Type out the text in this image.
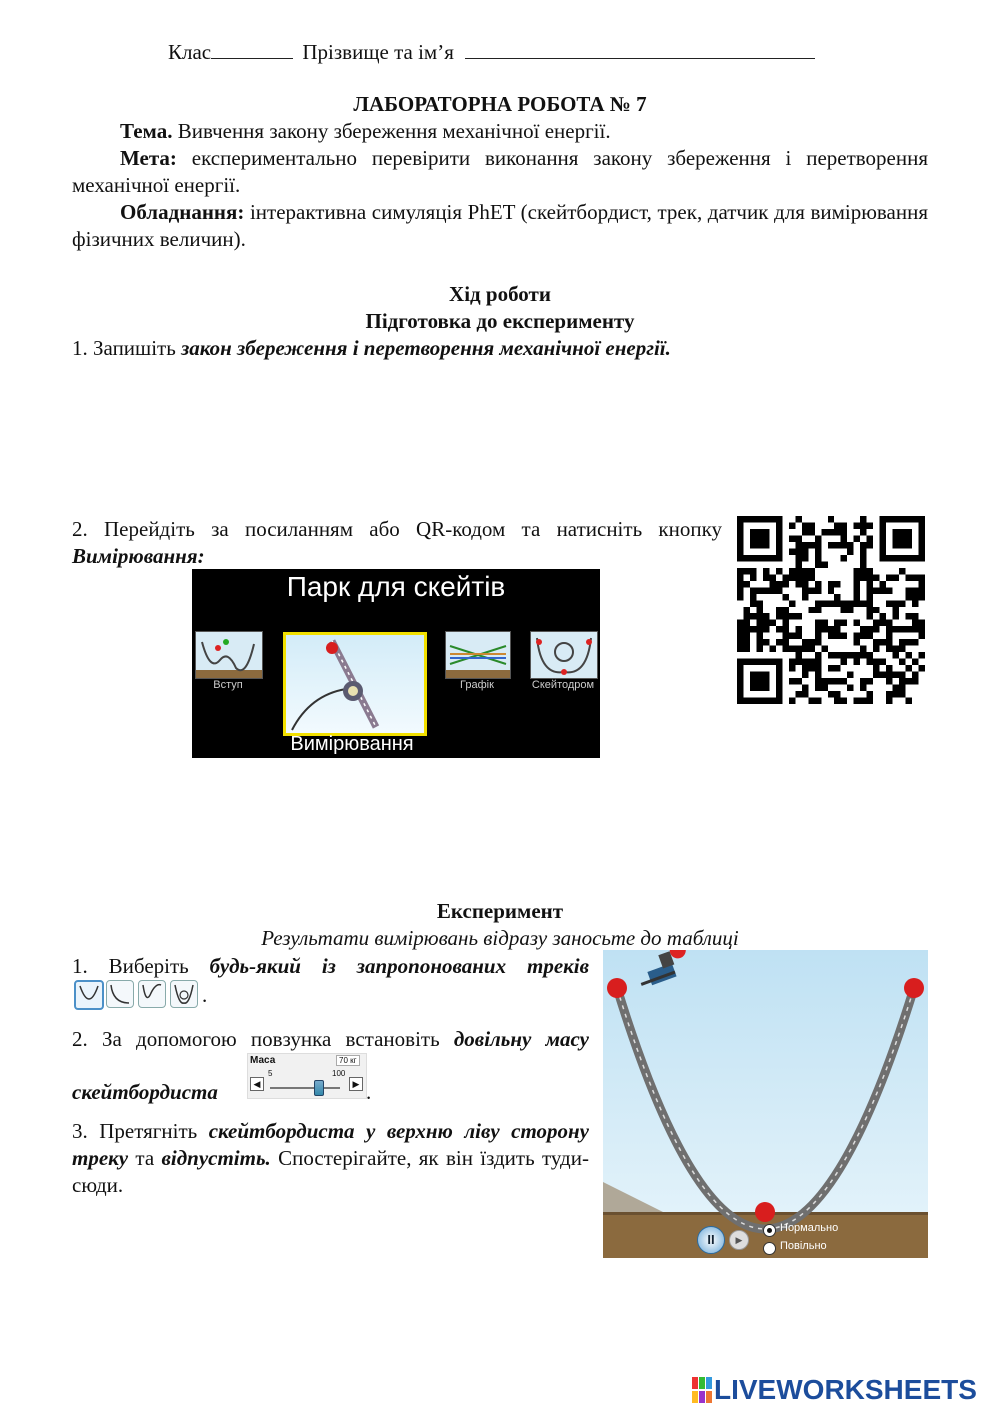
Клас	Прізвище та ім’я
ЛАБОРАТОРНА РОБОТА № 7
Тема. Вивчення закону збереження механічної енергії.
Мета: експериментально перевірити виконання закону збереження і перетворення механічної енергії.
Обладнання: інтерактивна симуляція PhET (скейтбордист, трек, датчик для вимірювання фізичних величин).
Хід роботи
Підготовка до експерименту
1. Запишіть закон збереження і перетворення механічної енергії.
2. Перейдіть за посиланням або QR-кодом та натисніть кнопку Вимірювання:
Парк для скейтів
Вступ
Вимірювання
Графік	Скейтодром
Експеримент
Результати вимірювань відразу заносьте до таблиці
1. Виберіть будь-який із запропонованих треків
.
2. За допомогою повзунка встановіть довільну масу
скейтбордиста
Маса	70 кг
5	100
◀	▶ .
3. Претягніть скейтбордиста у верхню ліву сторону треку та відпустіть. Спостерігайте, як він їздить туди-сюди.
II	▶
Нормально
Повільно
LIVEWORKSHEETS
